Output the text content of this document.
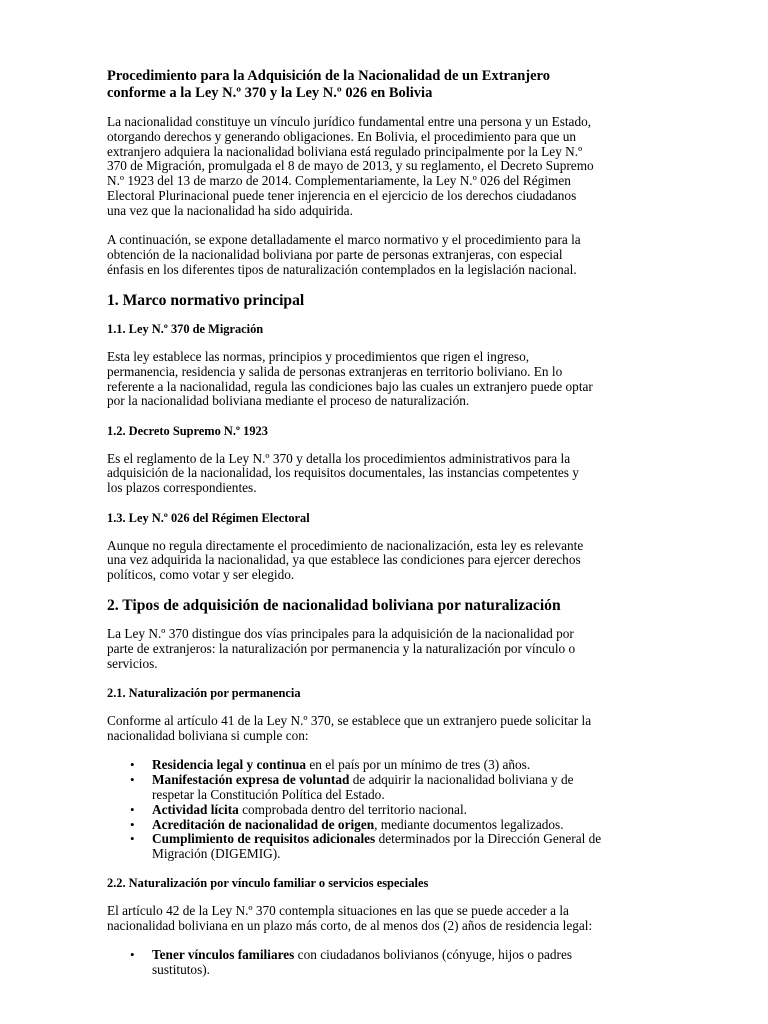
Procedimiento para la Adquisición de la Nacionalidad de un Extranjero
conforme a la Ley N.º 370 y la Ley N.º 026 en Bolivia

La nacionalidad constituye un vínculo jurídico fundamental entre una persona y un Estado,
otorgando derechos y generando obligaciones. En Bolivia, el procedimiento para que un
extranjero adquiera la nacionalidad boliviana está regulado principalmente por la Ley N.º
370 de Migración, promulgada el 8 de mayo de 2013, y su reglamento, el Decreto Supremo
N.º 1923 del 13 de marzo de 2014. Complementariamente, la Ley N.º 026 del Régimen
Electoral Plurinacional puede tener injerencia en el ejercicio de los derechos ciudadanos
una vez que la nacionalidad ha sido adquirida.

A continuación, se expone detalladamente el marco normativo y el procedimiento para la
obtención de la nacionalidad boliviana por parte de personas extranjeras, con especial
énfasis en los diferentes tipos de naturalización contemplados en la legislación nacional.

1. Marco normativo principal
1.1. Ley N.º 370 de Migración

Esta ley establece las normas, principios y procedimientos que rigen el ingreso,
permanencia, residencia y salida de personas extranjeras en territorio boliviano. En lo
referente a la nacionalidad, regula las condiciones bajo las cuales un extranjero puede optar
por la nacionalidad boliviana mediante el proceso de naturalización.

1.2. Decreto Supremo N.º 1923

Es el reglamento de la Ley N.º 370 y detalla los procedimientos administrativos para la
adquisición de la nacionalidad, los requisitos documentales, las instancias competentes y
los plazos correspondientes.

1.3. Ley N.º 026 del Régimen Electoral

Aunque no regula directamente el procedimiento de nacionalización, esta ley es relevante
una vez adquirida la nacionalidad, ya que establece las condiciones para ejercer derechos
políticos, como votar y ser elegido.

2. Tipos de adquisición de nacionalidad boliviana por naturalización

La Ley N.º 370 distingue dos vías principales para la adquisición de la nacionalidad por
parte de extranjeros: la naturalización por permanencia y la naturalización por vínculo o
servicios.

2.1. Naturalización por permanencia

Conforme al artículo 41 de la Ley N.º 370, se establece que un extranjero puede solicitar la
nacionalidad boliviana si cumple con:

• Residencia legal y continua en el país por un mínimo de tres (3) años.
• Manifestación expresa de voluntad de adquirir la nacionalidad boliviana y de
respetar la Constitución Política del Estado.
• Actividad lícita comprobada dentro del territorio nacional.
• Acreditación de nacionalidad de origen, mediante documentos legalizados.
• Cumplimiento de requisitos adicionales determinados por la Dirección General de
Migración (DIGEMIG).
2.2. Naturalización por vínculo familiar o servicios especiales

El artículo 42 de la Ley N.º 370 contempla situaciones en las que se puede acceder a la
nacionalidad boliviana en un plazo más corto, de al menos dos (2) años de residencia legal:

• Tener vínculos familiares con ciudadanos bolivianos (cónyuge, hijos o padres
sustitutos).
